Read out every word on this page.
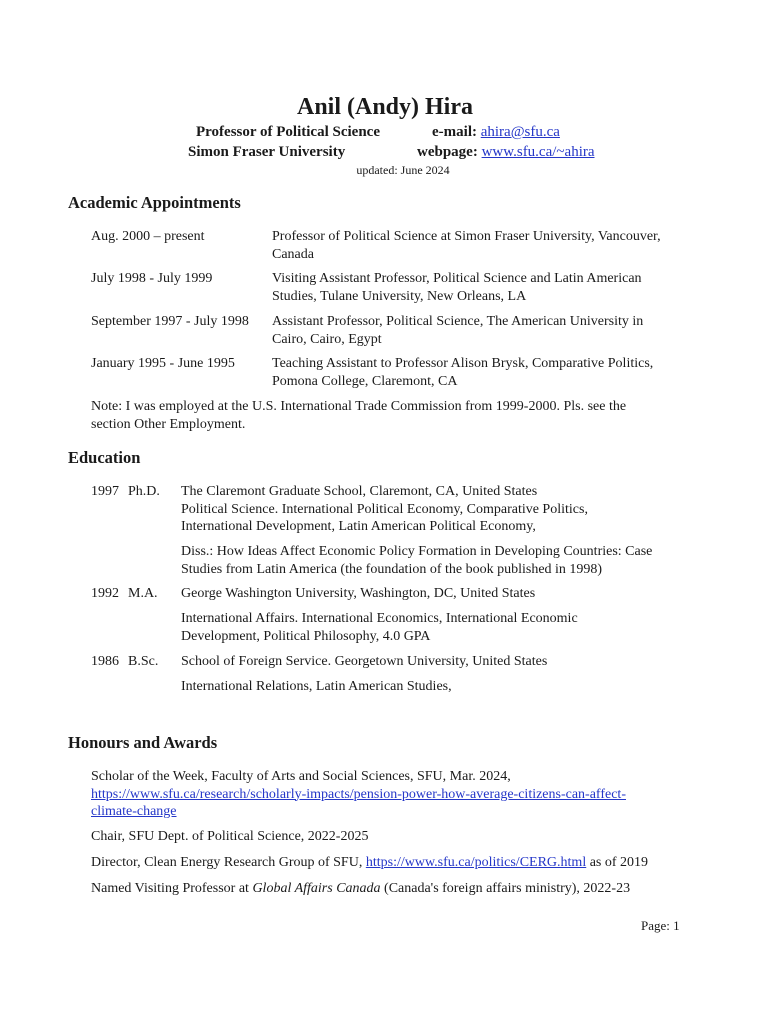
Anil (Andy) Hira
Professor of Political Science	e-mail: ahira@sfu.ca
Simon Fraser University	webpage: www.sfu.ca/~ahira
updated: June 2024
Academic Appointments
Aug. 2000 – present	Professor of Political Science at Simon Fraser University, Vancouver,
Canada
July 1998 - July 1999	Visiting Assistant Professor, Political Science and Latin American
Studies, Tulane University, New Orleans, LA
September 1997 - July 1998 Assistant Professor, Political Science, The American University in
Cairo, Cairo, Egypt
January 1995 - June 1995	Teaching Assistant to Professor Alison Brysk, Comparative Politics,
Pomona College, Claremont, CA
Note: I was employed at the U.S. International Trade Commission from 1999-2000. Pls. see the
section Other Employment.
Education
1997 Ph.D. The Claremont Graduate School, Claremont, CA, United States
Political Science. International Political Economy, Comparative Politics,
International Development, Latin American Political Economy,
Diss.: How Ideas Affect Economic Policy Formation in Developing Countries: Case
Studies from Latin America (the foundation of the book published in 1998)
1992 M.A. George Washington University, Washington, DC, United States
International Affairs. International Economics, International Economic
Development, Political Philosophy, 4.0 GPA
1986 B.Sc. School of Foreign Service. Georgetown University, United States
International Relations, Latin American Studies,
Honours and Awards
Scholar of the Week, Faculty of Arts and Social Sciences, SFU, Mar. 2024,
https://www.sfu.ca/research/scholarly-impacts/pension-power-how-average-citizens-can-affect-
climate-change
Chair, SFU Dept. of Political Science, 2022-2025
Director, Clean Energy Research Group of SFU, https://www.sfu.ca/politics/CERG.html as of 2019
Named Visiting Professor at Global Affairs Canada (Canada's foreign affairs ministry), 2022-23
Page: 1
